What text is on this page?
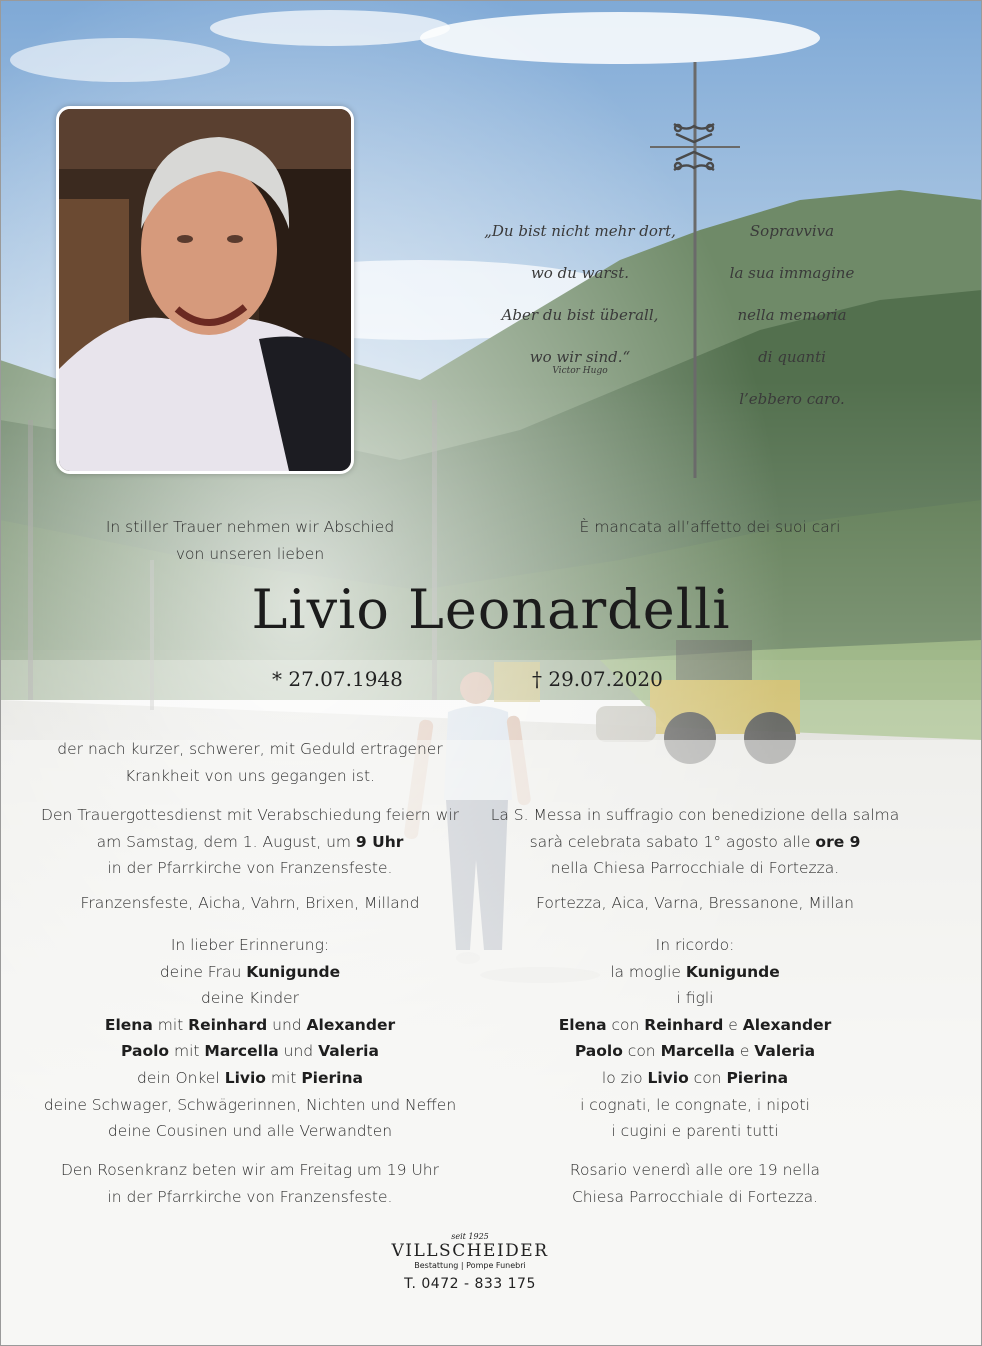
„Du bist nicht mehr dort,
wo du warst.
Aber du bist überall,
wo wir sind.“
Victor Hugo
Sopravviva
la sua immagine
nella memoria
di quanti
l’ebbero caro.
In stiller Trauer nehmen wir Abschied
von unseren lieben
È mancata all’affetto dei suoi cari
Livio Leonardelli
* 27.07.1948	† 29.07.2020
der nach kurzer, schwerer, mit Geduld ertragener
Krankheit von uns gegangen ist.
Den Trauergottesdienst mit Verabschiedung feiern wir
am Samstag, dem 1. August, um 9 Uhr
in der Pfarrkirche von Franzensfeste.
Franzensfeste, Aicha, Vahrn, Brixen, Milland
In lieber Erinnerung:
deine Frau Kunigunde
deine Kinder
Elena mit Reinhard und Alexander
Paolo mit Marcella und Valeria
dein Onkel Livio mit Pierina
deine Schwager, Schwägerinnen, Nichten und Neffen
deine Cousinen und alle Verwandten
Den Rosenkranz beten wir am Freitag um 19 Uhr
in der Pfarrkirche von Franzensfeste.
La S. Messa in suffragio con benedizione della salma
sarà celebrata sabato 1° agosto alle ore 9
nella Chiesa Parrocchiale di Fortezza.
Fortezza, Aica, Varna, Bressanone, Millan
In ricordo:
la moglie Kunigunde
i figli
Elena con Reinhard e Alexander
Paolo con Marcella e Valeria
lo zio Livio con Pierina
i cognati, le congnate, i nipoti
i cugini e parenti tutti
Rosario venerdì alle ore 19 nella
Chiesa Parrocchiale di Fortezza.
seit 1925
VILLSCHEIDER
Bestattung | Pompe Funebri
T. 0472 - 833 175
